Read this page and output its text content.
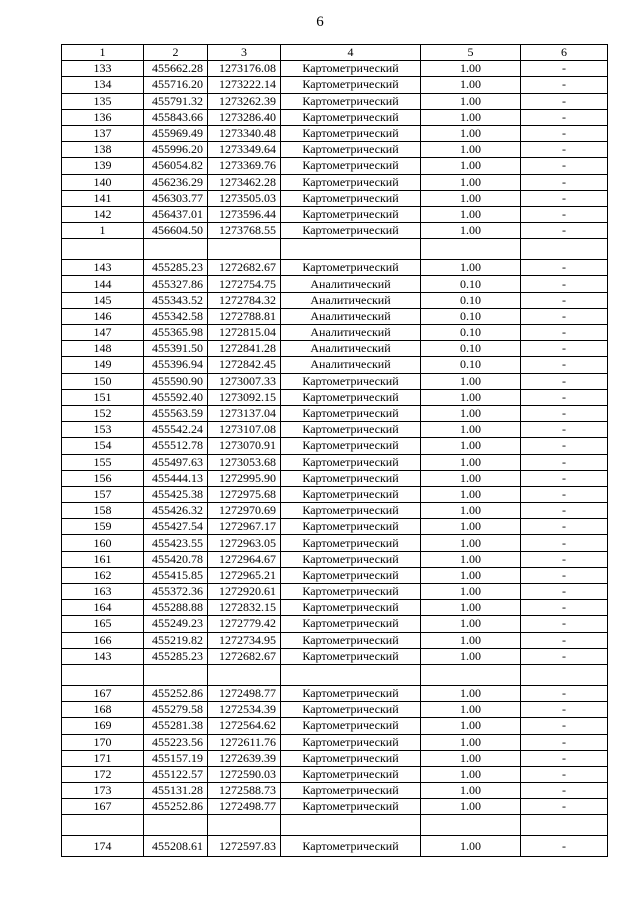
6
1	2	3	4	5	6
133	455662.28	1273176.08	Картометрический	1.00	-
134	455716.20	1273222.14	Картометрический	1.00	-
135	455791.32	1273262.39	Картометрический	1.00	-
136	455843.66	1273286.40	Картометрический	1.00	-
137	455969.49	1273340.48	Картометрический	1.00	-
138	455996.20	1273349.64	Картометрический	1.00	-
139	456054.82	1273369.76	Картометрический	1.00	-
140	456236.29	1273462.28	Картометрический	1.00	-
141	456303.77	1273505.03	Картометрический	1.00	-
142	456437.01	1273596.44	Картометрический	1.00	-
1	456604.50	1273768.55	Картометрический	1.00	-

143	455285.23	1272682.67	Картометрический	1.00	-
144	455327.86	1272754.75	Аналитический	0.10	-
145	455343.52	1272784.32	Аналитический	0.10	-
146	455342.58	1272788.81	Аналитический	0.10	-
147	455365.98	1272815.04	Аналитический	0.10	-
148	455391.50	1272841.28	Аналитический	0.10	-
149	455396.94	1272842.45	Аналитический	0.10	-
150	455590.90	1273007.33	Картометрический	1.00	-
151	455592.40	1273092.15	Картометрический	1.00	-
152	455563.59	1273137.04	Картометрический	1.00	-
153	455542.24	1273107.08	Картометрический	1.00	-
154	455512.78	1273070.91	Картометрический	1.00	-
155	455497.63	1273053.68	Картометрический	1.00	-
156	455444.13	1272995.90	Картометрический	1.00	-
157	455425.38	1272975.68	Картометрический	1.00	-
158	455426.32	1272970.69	Картометрический	1.00	-
159	455427.54	1272967.17	Картометрический	1.00	-
160	455423.55	1272963.05	Картометрический	1.00	-
161	455420.78	1272964.67	Картометрический	1.00	-
162	455415.85	1272965.21	Картометрический	1.00	-
163	455372.36	1272920.61	Картометрический	1.00	-
164	455288.88	1272832.15	Картометрический	1.00	-
165	455249.23	1272779.42	Картометрический	1.00	-
166	455219.82	1272734.95	Картометрический	1.00	-
143	455285.23	1272682.67	Картометрический	1.00	-

167	455252.86	1272498.77	Картометрический	1.00	-
168	455279.58	1272534.39	Картометрический	1.00	-
169	455281.38	1272564.62	Картометрический	1.00	-
170	455223.56	1272611.76	Картометрический	1.00	-
171	455157.19	1272639.39	Картометрический	1.00	-
172	455122.57	1272590.03	Картометрический	1.00	-
173	455131.28	1272588.73	Картометрический	1.00	-
167	455252.86	1272498.77	Картометрический	1.00	-

174	455208.61	1272597.83	Картометрический	1.00	-
